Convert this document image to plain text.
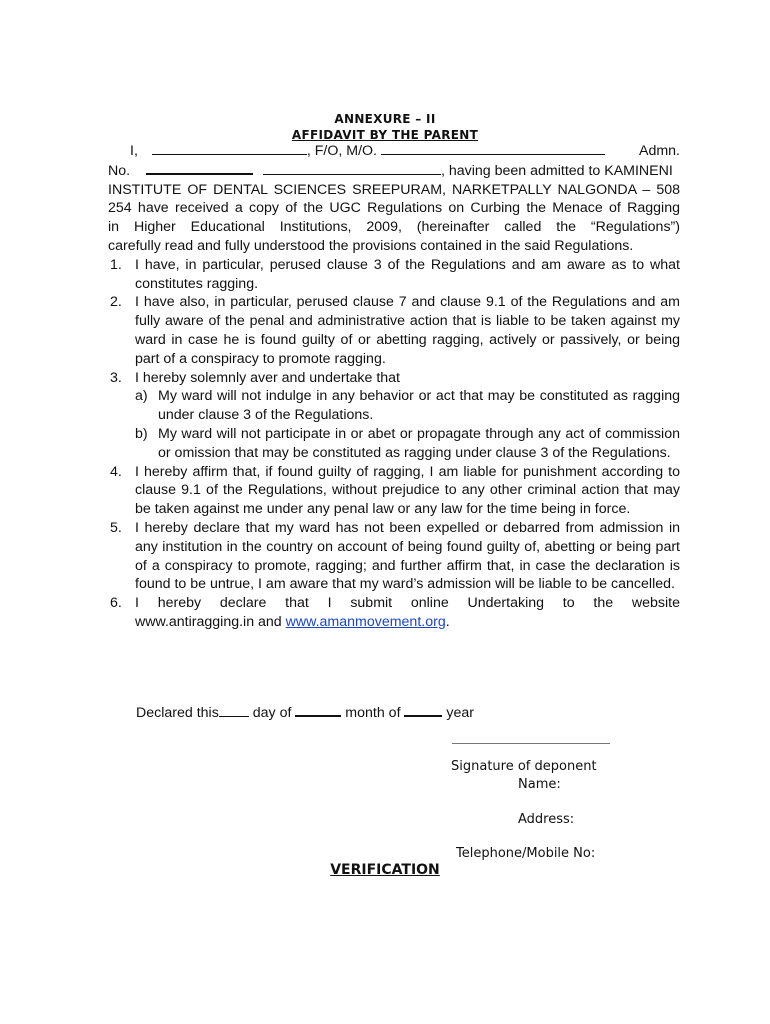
ANNEXURE – II
AFFIDAVIT BY THE PARENT
I,	, F/O, M/O.	Admn.
No.	, having been admitted to KAMINENI
INSTITUTE OF DENTAL SCIENCES SREEPURAM, NARKETPALLY NALGONDA – 508
254 have received a copy of the UGC Regulations on Curbing the Menace of Ragging
in Higher Educational Institutions, 2009, (hereinafter called the “Regulations”)
carefully read and fully understood the provisions contained in the said Regulations.
1. I have, in particular, perused clause 3 of the Regulations and am aware as to what constitutes ragging.
2. I have also, in particular, perused clause 7 and clause 9.1 of the Regulations and am fully aware of the penal and administrative action that is liable to be taken against my ward in case he is found guilty of or abetting ragging, actively or passively, or being part of a conspiracy to promote ragging.
3. I hereby solemnly aver and undertake that
a) My ward will not indulge in any behavior or act that may be constituted as ragging under clause 3 of the Regulations.
b) My ward will not participate in or abet or propagate through any act of commission or omission that may be constituted as ragging under clause 3 of the Regulations.
4. I hereby affirm that, if found guilty of ragging, I am liable for punishment according to clause 9.1 of the Regulations, without prejudice to any other criminal action that may be taken against me under any penal law or any law for the time being in force.
5. I hereby declare that my ward has not been expelled or debarred from admission in any institution in the country on account of being found guilty of, abetting or being part of a conspiracy to promote, ragging; and further affirm that, in case the declaration is found to be untrue, I am aware that my ward’s admission will be liable to be cancelled.
6. I hereby declare that I submit online Undertaking to the website
www.antiragging.in and www.amanmovement.org.
Declared this day of	month of	year
Signature of deponent
Name:
Address:
Telephone/Mobile No:
VERIFICATION
